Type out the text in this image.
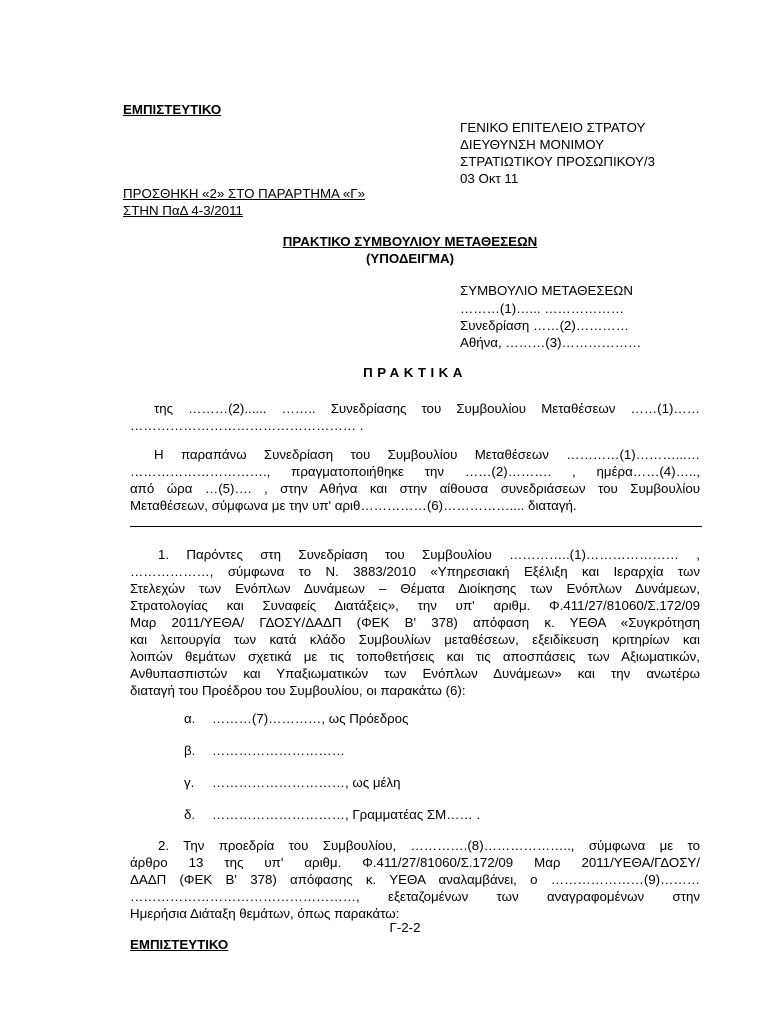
ΕΜΠΙΣΤΕΥΤΙΚΟ
ΓΕΝΙΚΟ ΕΠΙΤΕΛΕΙΟ ΣΤΡΑΤΟΥ
ΔΙΕΥΘΥΝΣΗ ΜΟΝΙΜΟΥ
ΣΤΡΑΤΙΩΤΙΚΟΥ ΠΡΟΣΩΠΙΚΟΥ/3
03 Οκτ 11
ΠΡΟΣΘΗΚΗ «2» ΣΤΟ ΠΑΡΑΡΤΗΜΑ «Γ»
ΣΤΗΝ ΠαΔ 4-3/2011
ΠΡΑΚΤΙΚΟ ΣΥΜΒΟΥΛΙΟΥ ΜΕΤΑΘΕΣΕΩΝ
(ΥΠΟΔΕΙΓΜΑ)
ΣΥΜΒΟΥΛΙΟ ΜΕΤΑΘΕΣΕΩΝ
………(1)…... ………………
Συνεδρίαση ……(2)…………
Αθήνα, ………(3)………………
ΠΡΑΚΤΙΚΑ
της ………(2)...... …….. Συνεδρίασης του Συμβουλίου Μεταθέσεων ……(1)……
…………………………………………… .
Η παραπάνω Συνεδρίαση του Συμβουλίου Μεταθέσεων …………(1)………...…
…………………………., πραγματοποιήθηκε την ……(2)………. , ημέρα……(4)…..,
από ώρα …(5)…. , στην Αθήνα και στην αίθουσα συνεδριάσεων του Συμβουλίου
Μεταθέσεων, σύμφωνα με την υπ' αριθ……………(6)…………….... διαταγή.
1. Παρόντες στη Συνεδρίαση του Συμβουλίου …………..(1)………………… ,
………………, σύμφωνα το Ν. 3883/2010 «Υπηρεσιακή Εξέλιξη και Ιεραρχία των
Στελεχών των Ενόπλων Δυνάμεων – Θέματα Διοίκησης των Ενόπλων Δυνάμεων,
Στρατολογίας και Συναφείς Διατάξεις», την υπ' αριθμ. Φ.411/27/81060/Σ.172/09
Μαρ 2011/ΥΕΘΑ/ ΓΔΟΣΥ/ΔΑΔΠ (ΦΕΚ Β' 378) απόφαση κ. ΥΕΘΑ «Συγκρότηση
και λειτουργία των κατά κλάδο Συμβουλίων μεταθέσεων, εξειδίκευση κριτηρίων και
λοιπών θεμάτων σχετικά με τις τοποθετήσεις και τις αποσπάσεις των Αξιωματικών,
Ανθυπασπιστών και Υπαξιωματικών των Ενόπλων Δυνάμεων» και την ανωτέρω
διαταγή του Προέδρου του Συμβουλίου, οι παρακάτω (6):
α. ………(7)…………, ως Πρόεδρος
β. …………………………
γ. …………………………, ως μέλη
δ. …………………………, Γραμματέας ΣΜ…… .
2. Την προεδρία του Συμβουλίου, ………….(8)……………….., σύμφωνα με το
άρθρο 13 της υπ' αριθμ. Φ.411/27/81060/Σ.172/09 Μαρ 2011/ΥΕΘΑ/ΓΔΟΣΥ/
ΔΑΔΠ (ΦΕΚ Β' 378) απόφασης κ. ΥΕΘΑ αναλαμβάνει, ο …………………(9)………
……………………………………………, εξεταζομένων των αναγραφομένων στην
Ημερήσια Διάταξη θεμάτων, όπως παρακάτω:
Γ-2-2
ΕΜΠΙΣΤΕΥΤΙΚΟ
